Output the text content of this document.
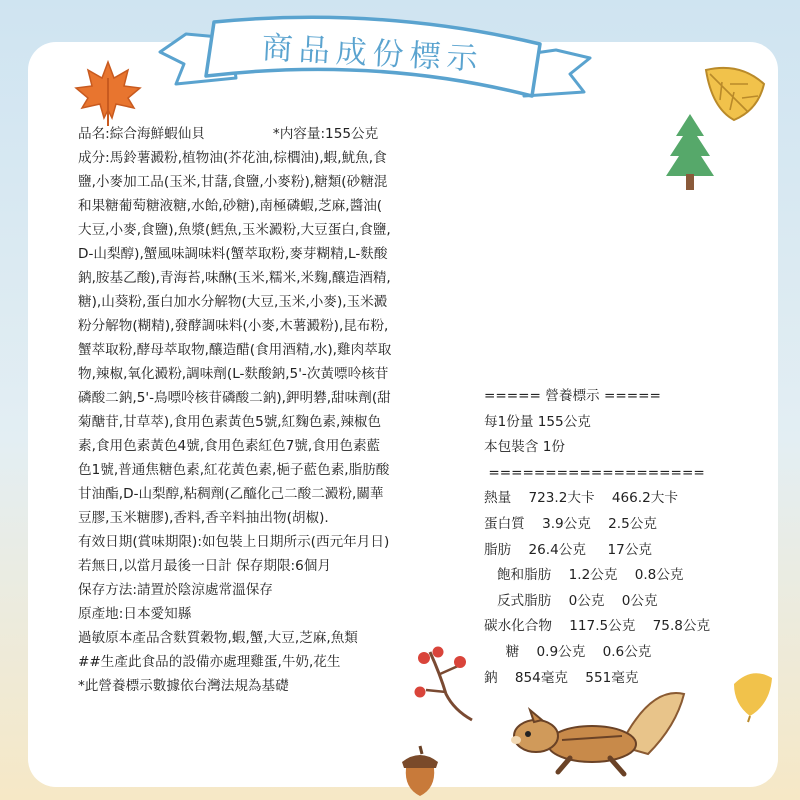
商品成份標示
品名:綜合海鮮蝦仙貝　　　　　*内容量:155公克
成分:馬鈴薯澱粉,植物油(芥花油,棕櫚油),蝦,魷魚,食
鹽,小麥加工品(玉米,甘藷,食鹽,小麥粉),糖類(砂糖混
和果糖葡萄糖液糖,水飴,砂糖),南極磷蝦,芝麻,醬油(
大豆,小麥,食鹽),魚漿(鱈魚,玉米澱粉,大豆蛋白,食鹽,
D-山梨醇),蟹風味調味料(蟹萃取粉,麥芽糊精,L-麩酸
鈉,胺基乙酸),青海苔,味醂(玉米,糯米,米麴,釀造酒精,
糖),山葵粉,蛋白加水分解物(大豆,玉米,小麥),玉米澱
粉分解物(糊精),發酵調味料(小麥,木薯澱粉),昆布粉,
蟹萃取粉,酵母萃取物,釀造醋(食用酒精,水),雞肉萃取
物,辣椒,氧化澱粉,調味劑(L-麩酸鈉,5'-次黃嘌呤核苷
磷酸二鈉,5'-鳥嘌呤核苷磷酸二鈉),鉀明礬,甜味劑(甜
菊醣苷,甘草萃),食用色素黃色5號,紅麴色素,辣椒色
素,食用色素黃色4號,食用色素紅色7號,食用色素藍
色1號,普通焦糖色素,紅花黃色素,梔子藍色素,脂肪酸
甘油酯,D-山梨醇,粘稠劑(乙醯化己二酸二澱粉,關華
豆膠,玉米糖膠),香料,香辛料抽出物(胡椒).
有效日期(賞味期限):如包裝上日期所示(西元年月日)
若無日,以當月最後一日計 保存期限:6個月
保存方法:請置於陰涼處常溫保存
原產地:日本愛知縣
過敏原本產品含麩質穀物,蝦,蟹,大豆,芝麻,魚類
##生產此食品的設備亦處理雞蛋,牛奶,花生
*此營養標示數據依台灣法規為基礎
===== 營養標示 =====
每1份量 155公克
本包裝含 1份
===================
熱量    723.2大卡    466.2大卡
蛋白質    3.9公克    2.5公克
脂肪    26.4公克     17公克
飽和脂肪    1.2公克    0.8公克
反式脂肪    0公克    0公克
碳水化合物    117.5公克    75.8公克
糖    0.9公克    0.6公克
鈉    854毫克    551毫克
